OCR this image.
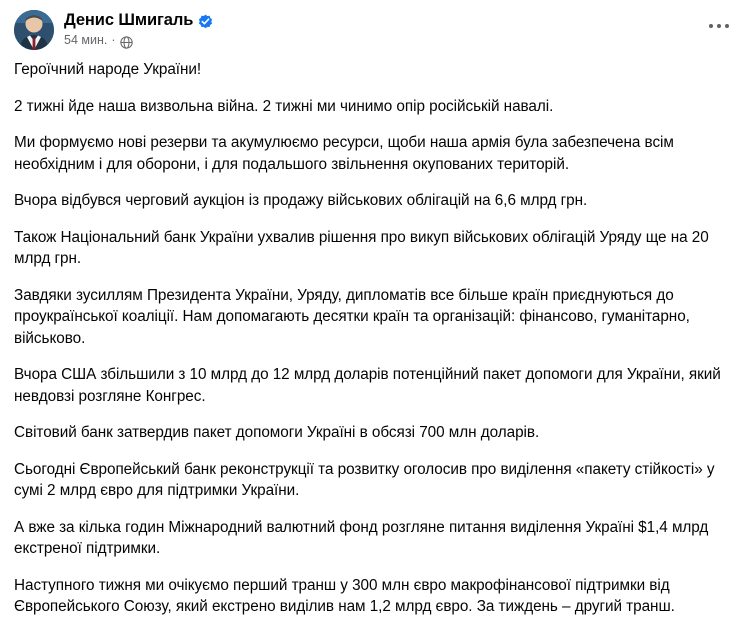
Денис Шмигаль
54 мин. ·

Героїчний народе України!

2 тижні йде наша визвольна війна. 2 тижні ми чинимо опір російській навалі.

Ми формуємо нові резерви та акумулюємо ресурси, щоби наша армія була забезпечена всім необхідним і для оборони, і для подальшого звільнення окупованих територій.

Вчора відбувся черговий аукціон із продажу військових облігацій на 6,6 млрд грн.

Також Національний банк України ухвалив рішення про викуп військових облігацій Уряду ще на 20 млрд грн.

Завдяки зусиллям Президента України, Уряду, дипломатів все більше країн приєднуються до проукраїнської коаліції. Нам допомагають десятки країн та організацій: фінансово, гуманітарно, військово.

Вчора США збільшили з 10 млрд до 12 млрд доларів потенційний пакет допомоги для України, який невдовзі розгляне Конгрес.

Світовий банк затвердив пакет допомоги Україні в обсязі 700 млн доларів.

Сьогодні Європейський банк реконструкції та розвитку оголосив про виділення «пакету стійкості» у сумі 2 млрд євро для підтримки України.

А вже за кілька годин Міжнародний валютний фонд розгляне питання виділення Україні $1,4 млрд екстреної підтримки.

Наступного тижня ми очікуємо перший транш у 300 млн євро макрофінансової підтримки від Європейського Союзу, який екстрено виділив нам 1,2 млрд євро. За тиждень – другий транш.
